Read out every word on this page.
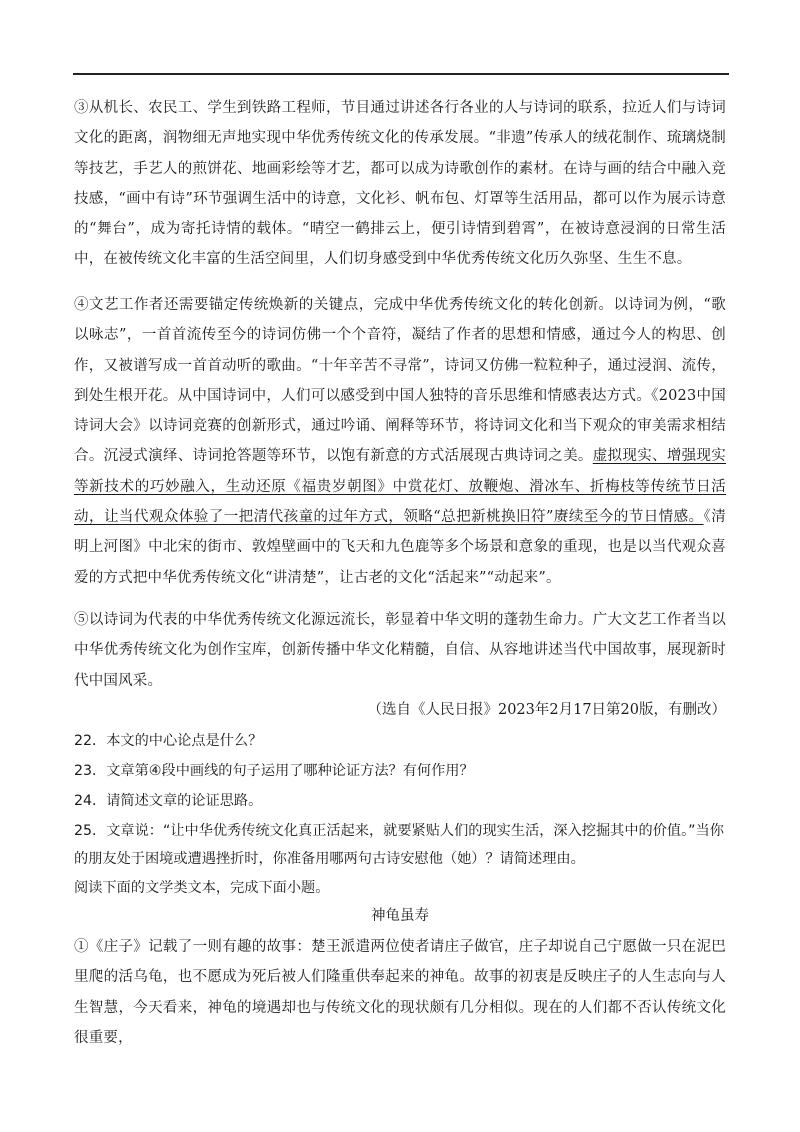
③从机长、农民工、学生到铁路工程师，节目通过讲述各行各业的人与诗词的联系，拉近人们与诗词文化的距离，润物细无声地实现中华优秀传统文化的传承发展。“非遗”传承人的绒花制作、琉璃烧制等技艺，手艺人的煎饼花、地画彩绘等才艺，都可以成为诗歌创作的素材。在诗与画的结合中融入竞技感，“画中有诗”环节强调生活中的诗意，文化衫、帆布包、灯罩等生活用品，都可以作为展示诗意的“舞台”，成为寄托诗情的载体。“晴空一鹤排云上，便引诗情到碧霄”，在被诗意浸润的日常生活中，在被传统文化丰富的生活空间里，人们切身感受到中华优秀传统文化历久弥坚、生生不息。
④文艺工作者还需要锚定传统焕新的关键点，完成中华优秀传统文化的转化创新。以诗词为例，“歌以咏志”，一首首流传至今的诗词仿佛一个个音符，凝结了作者的思想和情感，通过今人的构思、创作，又被谱写成一首首动听的歌曲。“十年辛苦不寻常”，诗词又仿佛一粒粒种子，通过浸润、流传，到处生根开花。从中国诗词中，人们可以感受到中国人独特的音乐思维和情感表达方式。《2023中国诗词大会》以诗词竞赛的创新形式，通过吟诵、阐释等环节，将诗词文化和当下观众的审美需求相结合。沉浸式演绎、诗词抢答题等环节，以饱有新意的方式活展现古典诗词之美。虚拟现实、增强现实等新技术的巧妙融入，生动还原《福贵岁朝图》中赏花灯、放鞭炮、滑冰车、折梅枝等传统节日活动，让当代观众体验了一把清代孩童的过年方式，领略“总把新桃换旧符”赓续至今的节日情感。《清明上河图》中北宋的街市、敦煌壁画中的飞天和九色鹿等多个场景和意象的重现，也是以当代观众喜爱的方式把中华优秀传统文化“讲清楚”，让古老的文化“活起来”“动起来”。
⑤以诗词为代表的中华优秀传统文化源远流长，彰显着中华文明的蓬勃生命力。广大文艺工作者当以中华优秀传统文化为创作宝库，创新传播中华文化精髓，自信、从容地讲述当代中国故事，展现新时代中国风采。
（选自《人民日报》2023年2月17日第20版，有删改）
22．本文的中心论点是什么？
23．文章第④段中画线的句子运用了哪种论证方法？有何作用？
24．请简述文章的论证思路。
25．文章说：“让中华优秀传统文化真正活起来，就要紧贴人们的现实生活，深入挖掘其中的价值。”当你的朋友处于困境或遭遇挫折时，你准备用哪两句古诗安慰他（她）？请简述理由。
阅读下面的文学类文本，完成下面小题。
神龟虽寿
①《庄子》记载了一则有趣的故事：楚王派遣两位使者请庄子做官，庄子却说自己宁愿做一只在泥巴里爬的活乌龟，也不愿成为死后被人们隆重供奉起来的神龟。故事的初衷是反映庄子的人生志向与人生智慧，今天看来，神龟的境遇却也与传统文化的现状颇有几分相似。现在的人们都不否认传统文化很重要，
